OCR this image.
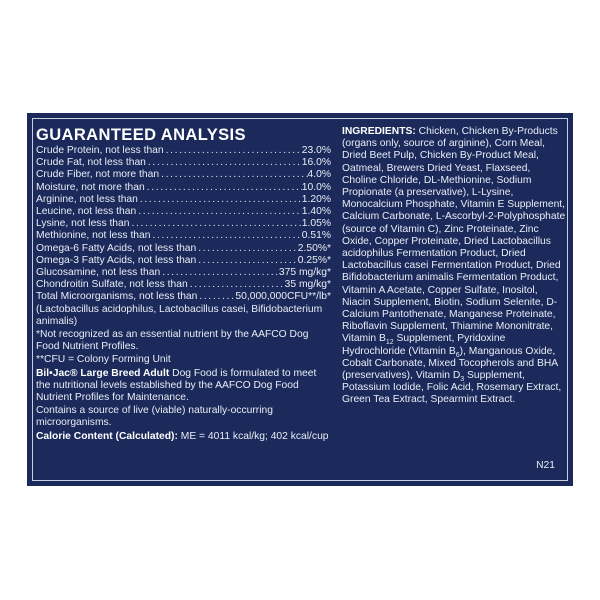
GUARANTEED ANALYSIS
Crude Protein, not less than . . .	23.0%
Crude Fat, not less than . . .	16.0%
Crude Fiber, not more than . . .	4.0%
Moisture, not more than . . .	10.0%
Arginine, not less than . . .	1.20%
Leucine, not less than . . .	1.40%
Lysine, not less than . . .	1.05%
Methionine, not less than . . .	0.51%
Omega-6 Fatty Acids, not less than . . .	2.50%*
Omega-3 Fatty Acids, not less than . . .	0.25%*
Glucosamine, not less than . . .	375 mg/kg*
Chondroitin Sulfate, not less than . . .	35 mg/kg*
Total Microorganisms, not less than . . .	50,000,000CFU**/lb*
(Lactobacillus acidophilus, Lactobacillus casei, Bifidobacterium animalis)
*Not recognized as an essential nutrient by the AAFCO Dog Food Nutrient Profiles.
**CFU = Colony Forming Unit
Bil•Jac® Large Breed Adult Dog Food is formulated to meet the nutritional levels established by the AAFCO Dog Food Nutrient Profiles for Maintenance.
Contains a source of live (viable) naturally-occurring microorganisms.
Calorie Content (Calculated): ME = 4011 kcal/kg; 402 kcal/cup
INGREDIENTS: Chicken, Chicken By-Products (organs only, source of arginine), Corn Meal, Dried Beet Pulp, Chicken By-Product Meal, Oatmeal, Brewers Dried Yeast, Flaxseed, Choline Chloride, DL-Methionine, Sodium Propionate (a preservative), L-Lysine, Monocalcium Phosphate, Vitamin E Supplement, Calcium Carbonate, L-Ascorbyl-2-Polyphosphate (source of Vitamin C), Zinc Proteinate, Zinc Oxide, Copper Proteinate, Dried Lactobacillus acidophilus Fermentation Product, Dried Lactobacillus casei Fermentation Product, Dried Bifidobacterium animalis Fermentation Product, Vitamin A Acetate, Copper Sulfate, Inositol, Niacin Supplement, Biotin, Sodium Selenite, D-Calcium Pantothenate, Manganese Proteinate, Riboflavin Supplement, Thiamine Mononitrate, Vitamin $B_{12}$ Supplement, Pyridoxine Hydrochloride (Vitamin $B_6$), Manganous Oxide, Cobalt Carbonate, Mixed Tocopherols and BHA (preservatives), Vitamin $D_3$ Supplement, Potassium Iodide, Folic Acid, Rosemary Extract, Green Tea Extract, Spearmint Extract.
N21
